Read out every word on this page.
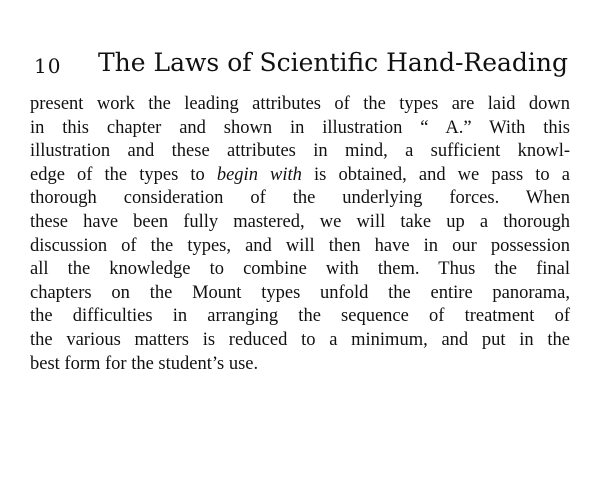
10 The Laws of Scientific Hand-Reading
present work the leading attributes of the types are laid down
in this chapter and shown in illustration “ A.” With this
illustration and these attributes in mind, a sufficient knowl-
edge of the types to begin with is obtained, and we pass to a
thorough consideration of the underlying forces. When
these have been fully mastered, we will take up a thorough
discussion of the types, and will then have in our possession
all the knowledge to combine with them. Thus the final
chapters on the Mount types unfold the entire panorama,
the difficulties in arranging the sequence of treatment of
the various matters is reduced to a minimum, and put in the
best form for the student’s use.
